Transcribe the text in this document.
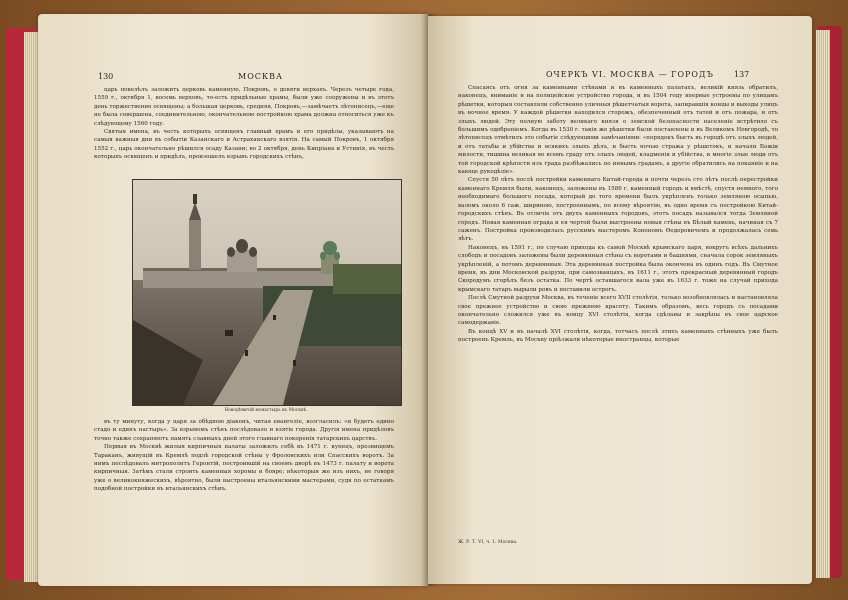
130	МОСКВА

царь повелѣлъ заложить церковь каменную, Покровъ, о девяти верхахъ. Черезъ четыре года, 1559 г., октября 1, восемь верховъ, то-есть придѣльные храмы, были уже сооружены и въ этотъ день торжественно освящены; а большая церковь, средняя, Покровъ,—замѣчаетъ лѣтописецъ,—еще не была совершена, соединительною, окончательною постройкою храма должна относиться уже къ слѣдующему 1560 году.

Святыя имена, въ честь которыхъ освященъ главный храмъ и его придѣлы, указываютъ на самыя важныя дни въ событіи Казанскаго и Астраханскаго взятія. На самый Покровъ, 1 октября 1552 г., царь окончательно рѣшился осаду Казани; во 2 октября, день Кипріана и Устинія, въ честь которыхъ освященъ и придѣлъ, произошелъ взрывъ городскихъ стѣнъ,

Новодѣвичій монастырь въ Москвѣ.

въ ту минуту, когда у царя за обѣднею діаконъ, читая евангеліе, возгласилъ: «и будетъ едино стадо и единъ пастырь». За взрывомъ стѣнъ послѣдовало и взятіе города. Другія имена придѣловъ точно также сохраняютъ память славныхъ дней этого главнаго покоренія татарскихъ царствъ.

Первыя въ Москвѣ жилыя кирпичныя палаты заложилъ себѣ въ 1471 г. купецъ, прозвищемъ Тараканъ, живущій въ Кремлѣ подлѣ городской стѣны у Фроловскихъ или Спасскихъ воротъ. За нимъ послѣдовалъ митрополитъ Геронтій, построившій на своемъ дворѣ въ 1473 г. палату и ворота кирпичныя. Затѣмъ стали строить каменныя хоромы и бояре; нѣкоторыя же изъ нихъ, не говоря уже о великокняжескихъ, вѣроятно, были выстроены итальянскими мастерами, судя по остаткамъ подобной постройки въ итальянскихъ стѣнъ.

ОЧЕРКЪ VI. МОСКВА — ГОРОДЪ	137

Спасаясь отъ огня за каменными стѣнами и въ каменныхъ палатахъ, великій князь обратилъ, наконецъ, вниманіе и на полицейское устройство города, и въ 1504 году впервые устроены по улицамъ рѣшетки, которыя составляли собственно уличныя рѣшетчатыя ворота, запиравшія концы и выходы улицъ въ ночное время. У каждой рѣшетки находился сторожъ, обезпеченный отъ татей и отъ пожара, и отъ злыхъ людей. Эту полную заботу великаго князя о земской безопасности населеніе встрѣтило съ большимъ одобреніемъ. Когда въ 1530 г. такія же рѣшетки были поставлены и въ Великомъ Новгородѣ, то лѣтописецъ отмѣтилъ это событіе слѣдующими замѣчаніями: «порядокъ бысть въ городѣ отъ злыхъ людей, и отъ татьбы и убійства и всякихъ злыхъ дѣлъ, и бысть ночью стража у рѣшетокъ, и начали Божіи милости, тишина великая во всемъ граду отъ злыхъ людей, кладменія и убійства, и многіе злые люди отъ той городской крѣпости изъ града разбѣжались по иннымъ градамъ, а другіе обратились на покаяніе и на кающе рукодѣліе».

Спустя 50 лѣтъ послѣ постройки каменнаго Китай-города и почти черезъ сто лѣтъ послѣ перестройки каменнаго Кремля были, наконецъ, заложены въ 1586 г. каменный городъ и вмѣстѣ, спустя немного, того необходимаго большого посада, который до того времени былъ укрѣпленъ только земляною осыпью, валомъ около 6 саж. шириною, построеннымъ, по всему вѣроятію, въ одно время съ постройкою Китай-городскихъ стѣнъ. Въ отличіе отъ двухъ каменныхъ городовъ, этотъ посадъ назывался тогда Земляной городъ. Новая каменная ограда и ея чертой были выстроены новыя стѣны въ Бѣлый камень, начиная съ 7 саженъ. Постройка производилась русскимъ мастеромъ Конономъ Ѳедоровичемъ и продолжалась семь лѣтъ.

Наконецъ, въ 1591 г., по случаю прихода къ самой Москвѣ крымскаго царя, вокругъ всѣхъ дальнихъ слободъ и посадовъ заложены были деревянныя стѣны съ воротами и башнями, сначала сорок земляныхъ укрѣпленій, а потомъ деревянныя. Эта деревянная постройка была окончена въ одинъ годъ. Въ Смутное время, въ дни Московской разрухи, при самозванцахъ, въ 1611 г., этотъ прекрасный деревянный городъ Скородумъ сгорѣлъ безъ остатка. По чертѣ оставшагося вала уже въ 1633 г. тоже на случай прихода крымскаго татаръ вырыли ровъ и поставили острогъ.

Послѣ Смутной разрухи Москва, въ теченіе всего XVII столѣтія, только возобновлялась и настановляла свое прежнее устройство и свою прежнюю красоту. Такимъ образомъ, весь городъ съ посадами окончательно сложился уже въ концу XVI столѣтія, когда сдѣланы и закрѣпы въ свое царское самодержавіе.

Въ концѣ XV и въ началѣ XVI столѣтія, когда, тотчасъ послѣ этихъ каменныхъ стѣнныхъ уже былъ построенъ Кремль, въ Москву пріѣзжали нѣкоторые иностранцы, которые

Ж. Р. Т. VI, ч. 1. Москва.
